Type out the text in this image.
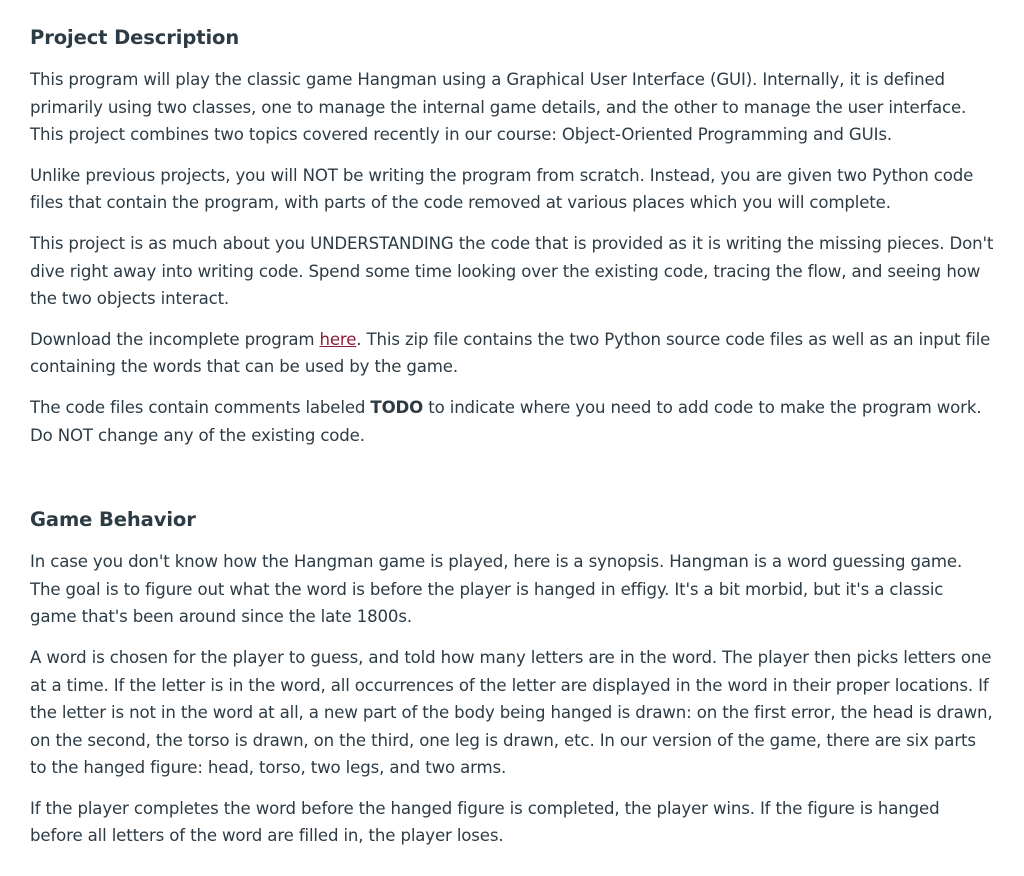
Project Description

This program will play the classic game Hangman using a Graphical User Interface (GUI). Internally, it is defined primarily using two classes, one to manage the internal game details, and the other to manage the user interface. This project combines two topics covered recently in our course: Object-Oriented Programming and GUIs.

Unlike previous projects, you will NOT be writing the program from scratch. Instead, you are given two Python code files that contain the program, with parts of the code removed at various places which you will complete.

This project is as much about you UNDERSTANDING the code that is provided as it is writing the missing pieces. Don't dive right away into writing code. Spend some time looking over the existing code, tracing the flow, and seeing how the two objects interact.

Download the incomplete program here. This zip file contains the two Python source code files as well as an input file containing the words that can be used by the game.

The code files contain comments labeled TODO to indicate where you need to add code to make the program work. Do NOT change any of the existing code.

Game Behavior

In case you don't know how the Hangman game is played, here is a synopsis. Hangman is a word guessing game. The goal is to figure out what the word is before the player is hanged in effigy. It's a bit morbid, but it's a classic game that's been around since the late 1800s.

A word is chosen for the player to guess, and told how many letters are in the word. The player then picks letters one at a time. If the letter is in the word, all occurrences of the letter are displayed in the word in their proper locations. If the letter is not in the word at all, a new part of the body being hanged is drawn: on the first error, the head is drawn, on the second, the torso is drawn, on the third, one leg is drawn, etc. In our version of the game, there are six parts to the hanged figure: head, torso, two legs, and two arms.

If the player completes the word before the hanged figure is completed, the player wins. If the figure is hanged before all letters of the word are filled in, the player loses.
